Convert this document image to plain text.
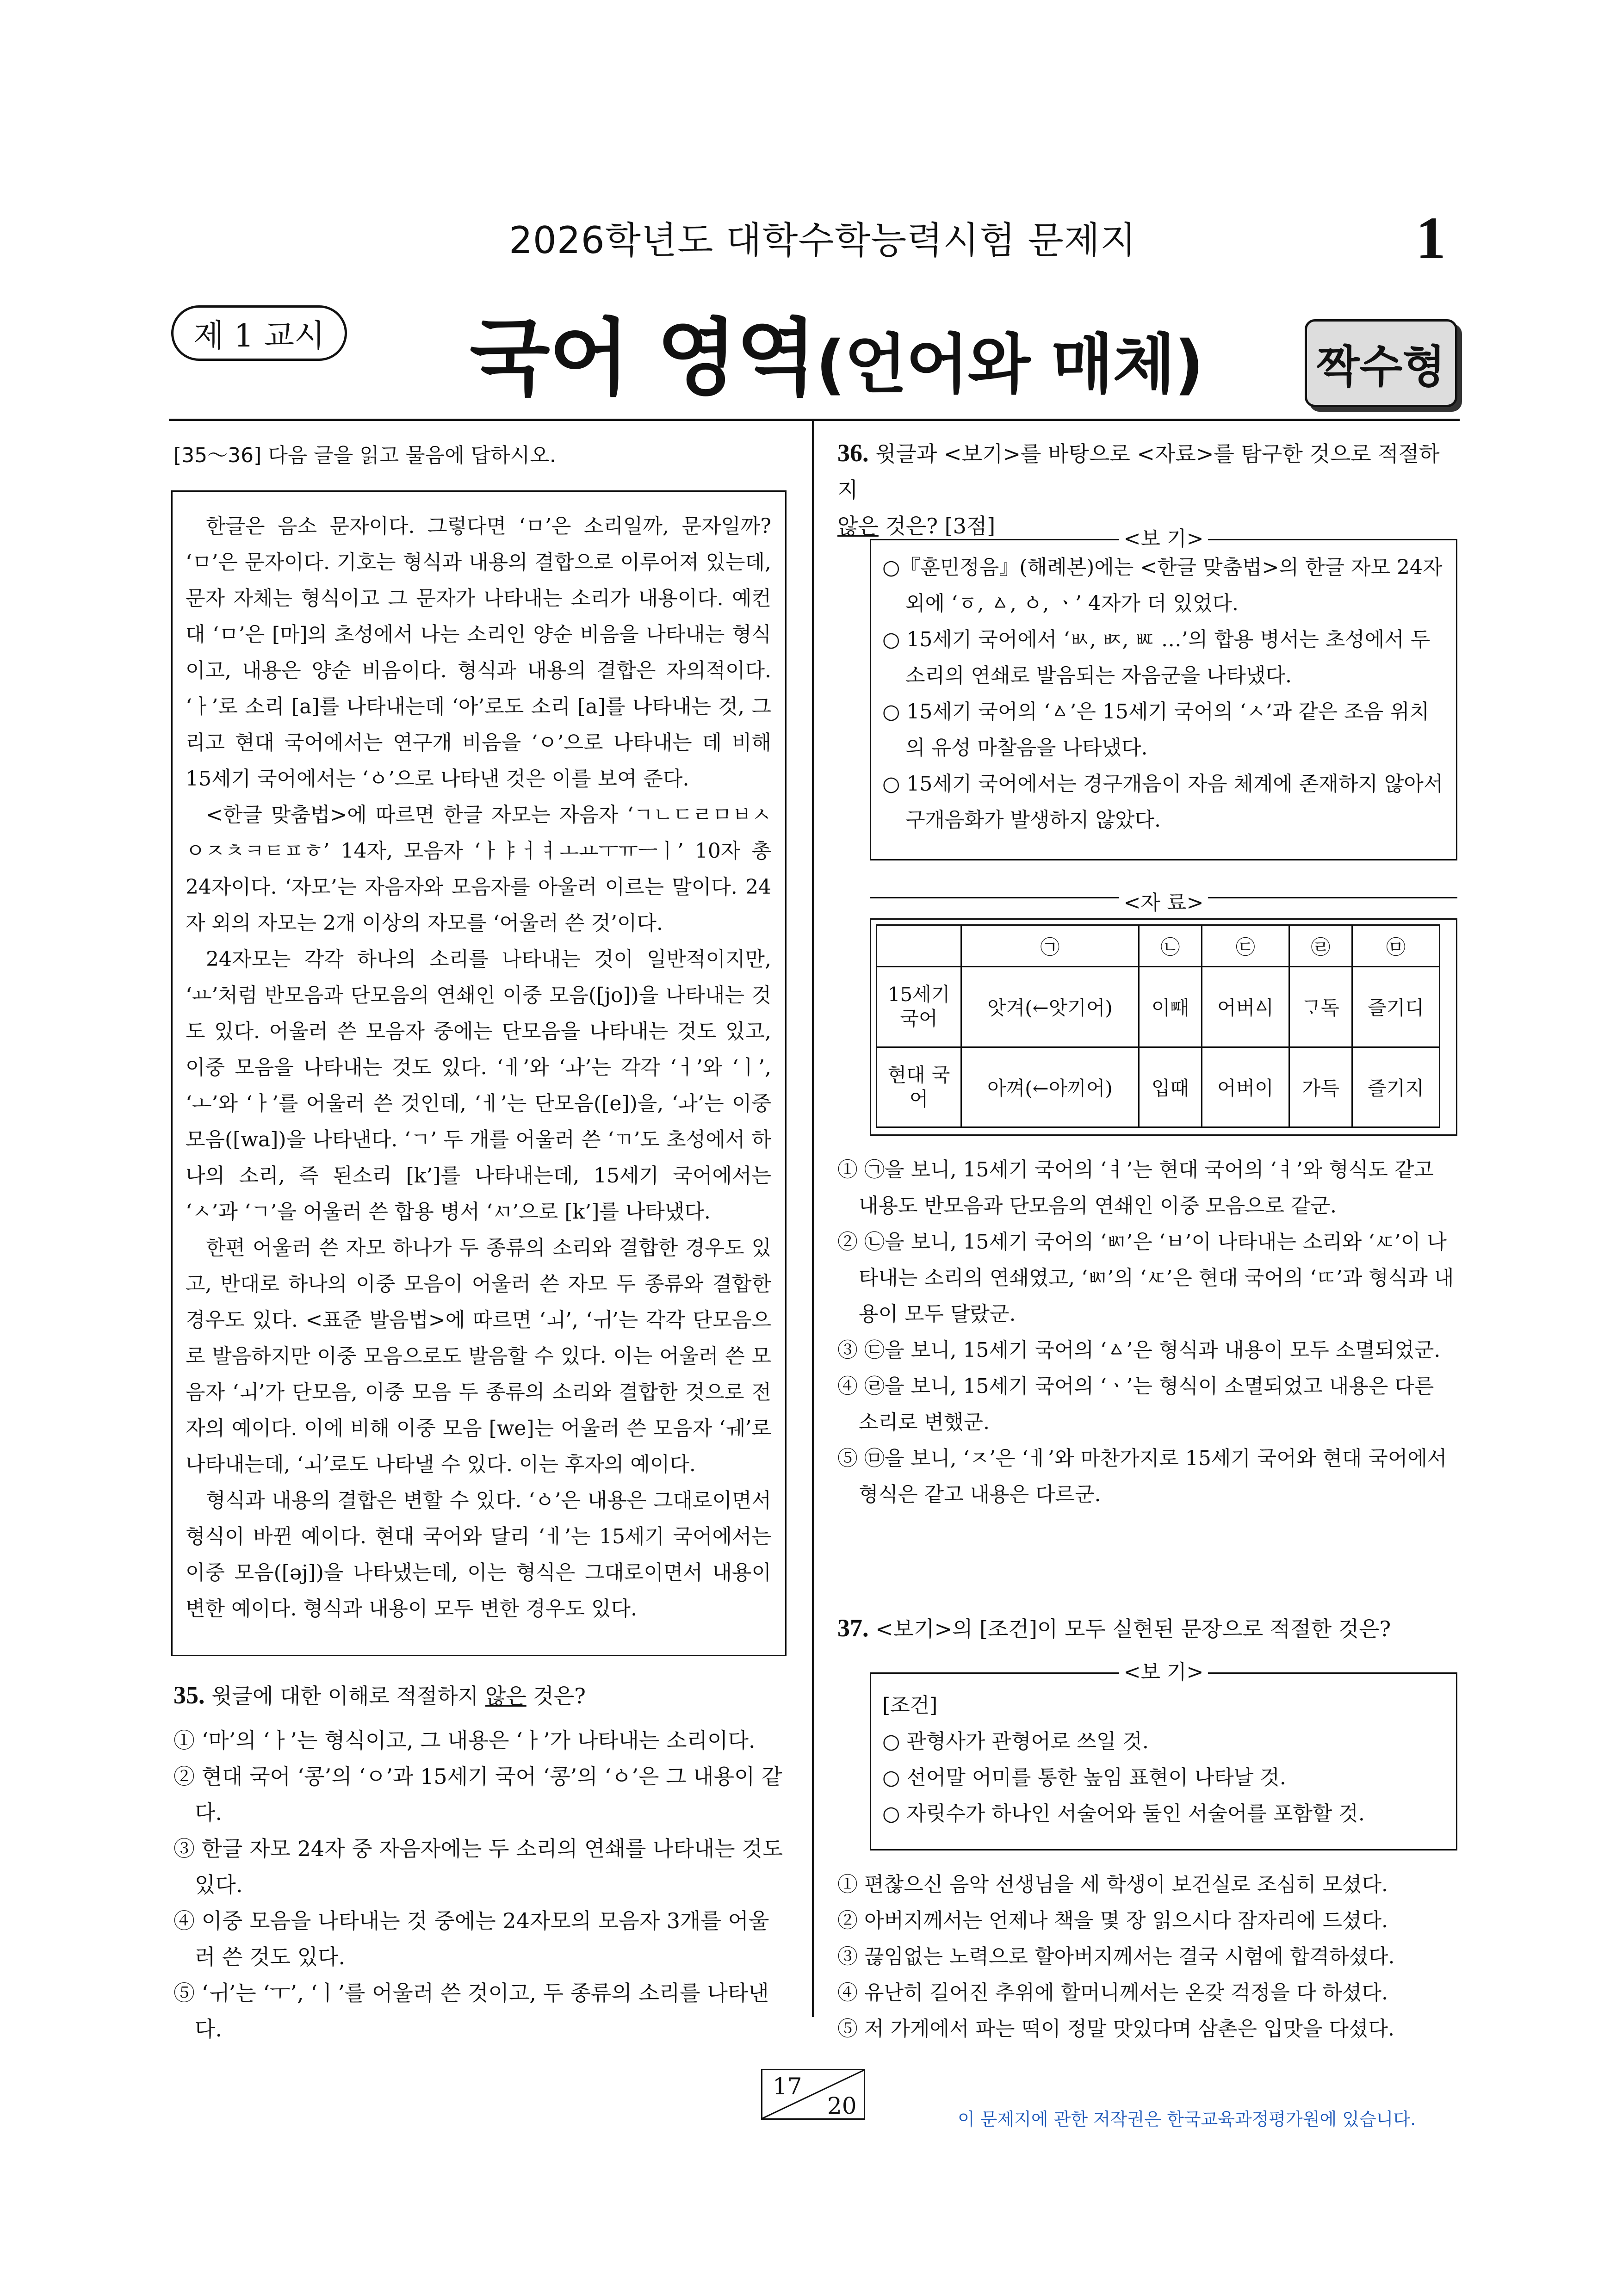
2026학년도 대학수학능력시험 문제지	1
제 1 교시 국어 영역(언어와 매체)	짝수형
[35～36] 다음 글을 읽고 물음에 답하시오.

한글은 음소 문자이다. 그렇다면 ‘ㅁ’은 소리일까, 문자일까? ‘ㅁ’은 문자이다. 기호는 형식과 내용의 결합으로 이루어져 있는데, 문자 자체는 형식이고 그 문자가 나타내는 소리가 내용이다. 예컨대 ‘ㅁ’은 [마]의 초성에서 나는 소리인 양순 비음을 나타내는 형식이고, 내용은 양순 비음이다. 형식과 내용의 결합은 자의적이다. ‘ㅏ’로 소리 [a]를 나타내는데 ‘아’로도 소리 [a]를 나타내는 것, 그리고 현대 국어에서는 연구개 비음을 ‘ㅇ’으로 나타내는 데 비해 15세기 국어에서는 ‘ㆁ’으로 나타낸 것은 이를 보여 준다.

<한글 맞춤법>에 따르면 한글 자모는 자음자 ‘ㄱㄴㄷㄹㅁㅂㅅㅇㅈㅊㅋㅌㅍㅎ’ 14자, 모음자 ‘ㅏㅑㅓㅕㅗㅛㅜㅠㅡㅣ’ 10자 총 24자이다. ‘자모’는 자음자와 모음자를 아울러 이르는 말이다. 24자 외의 자모는 2개 이상의 자모를 ‘어울러 쓴 것’이다.

24자모는 각각 하나의 소리를 나타내는 것이 일반적이지만, ‘ㅛ’처럼 반모음과 단모음의 연쇄인 이중 모음([jo])을 나타내는 것도 있다. 어울러 쓴 모음자 중에는 단모음을 나타내는 것도 있고, 이중 모음을 나타내는 것도 있다. ‘ㅔ’와 ‘ㅘ’는 각각 ‘ㅓ’와 ‘ㅣ’, ‘ㅗ’와 ‘ㅏ’를 어울러 쓴 것인데, ‘ㅔ’는 단모음([e])을, ‘ㅘ’는 이중 모음([wa])을 나타낸다. ‘ㄱ’ 두 개를 어울러 쓴 ‘ㄲ’도 초성에서 하나의 소리, 즉 된소리 [k’]를 나타내는데, 15세기 국어에서는 ‘ㅅ’과 ‘ㄱ’을 어울러 쓴 합용 병서 ‘ㅺ’으로 [k’]를 나타냈다.

한편 어울러 쓴 자모 하나가 두 종류의 소리와 결합한 경우도 있고, 반대로 하나의 이중 모음이 어울러 쓴 자모 두 종류와 결합한 경우도 있다. <표준 발음법>에 따르면 ‘ㅚ’, ‘ㅟ’는 각각 단모음으로 발음하지만 이중 모음으로도 발음할 수 있다. 이는 어울러 쓴 모음자 ‘ㅚ’가 단모음, 이중 모음 두 종류의 소리와 결합한 것으로 전자의 예이다. 이에 비해 이중 모음 [we]는 어울러 쓴 모음자 ‘ㅞ’로 나타내는데, ‘ㅚ’로도 나타낼 수 있다. 이는 후자의 예이다.

형식과 내용의 결합은 변할 수 있다. ‘ㆁ’은 내용은 그대로이면서 형식이 바뀐 예이다. 현대 국어와 달리 ‘ㅔ’는 15세기 국어에서는 이중 모음([əj])을 나타냈는데, 이는 형식은 그대로이면서 내용이 변한 예이다. 형식과 내용이 모두 변한 경우도 있다.

35. 윗글에 대한 이해로 적절하지 않은 것은?

① ‘마’의 ‘ㅏ’는 형식이고, 그 내용은 ‘ㅏ’가 나타내는 소리이다.

② 현대 국어 ‘콩’의 ‘ㅇ’과 15세기 국어 ‘콩’의 ‘ㆁ’은 그 내용이 같다.

③ 한글 자모 24자 중 자음자에는 두 소리의 연쇄를 나타내는 것도 있다.

④ 이중 모음을 나타내는 것 중에는 24자모의 모음자 3개를 어울러 쓴 것도 있다.

⑤ ‘ㅟ’는 ‘ㅜ’, ‘ㅣ’를 어울러 쓴 것이고, 두 종류의 소리를 나타낸다.

36. 윗글과 <보기>를 바탕으로 <자료>를 탐구한 것으로 적절하지
않은 것은? [3점]
<보 기>

○『훈민정음』(해례본)에는 <한글 맞춤법>의 한글 자모 24자 외에 ‘ㆆ, ㅿ, ㆁ, ㆍ’ 4자가 더 있었다.

○ 15세기 국어에서 ‘ㅄ, ㅶ, ㅵ …’의 합용 병서는 초성에서 두 소리의 연쇄로 발음되는 자음군을 나타냈다.

○ 15세기 국어의 ‘ㅿ’은 15세기 국어의 ‘ㅅ’과 같은 조음 위치의 유성 마찰음을 나타냈다.

○ 15세기 국어에서는 경구개음이 자음 체계에 존재하지 않아서 구개음화가 발생하지 않았다.

<자 료>
	㉠	㉡	㉢	㉣	㉤
15세기 국어	앗겨(←앗기어)	이ᄣᅢ	어버ᅀᅵ	ᄀᆞ독	즐기디
현대 국어	아껴(←아끼어)	입때	어버이	가득	즐기지

① ㉠을 보니, 15세기 국어의 ‘ㅕ’는 현대 국어의 ‘ㅕ’와 형식도 같고 내용도 반모음과 단모음의 연쇄인 이중 모음으로 같군.

② ㉡을 보니, 15세기 국어의 ‘ㅴ’은 ‘ㅂ’이 나타내는 소리와 ‘ㅼ’이 나타내는 소리의 연쇄였고, ‘ㅴ’의 ‘ㅼ’은 현대 국어의 ‘ㄸ’과 형식과 내용이 모두 달랐군.

③ ㉢을 보니, 15세기 국어의 ‘ㅿ’은 형식과 내용이 모두 소멸되었군.

④ ㉣을 보니, 15세기 국어의 ‘ㆍ’는 형식이 소멸되었고 내용은 다른 소리로 변했군.

⑤ ㉤을 보니, ‘ㅈ’은 ‘ㅔ’와 마찬가지로 15세기 국어와 현대 국어에서 형식은 같고 내용은 다르군.

37. <보기>의 [조건]이 모두 실현된 문장으로 적절한 것은?
<보 기>

[조건]

○ 관형사가 관형어로 쓰일 것.

○ 선어말 어미를 통한 높임 표현이 나타날 것.

○ 자릿수가 하나인 서술어와 둘인 서술어를 포함할 것.

① 편찮으신 음악 선생님을 세 학생이 보건실로 조심히 모셨다.

② 아버지께서는 언제나 책을 몇 장 읽으시다 잠자리에 드셨다.

③ 끊임없는 노력으로 할아버지께서는 결국 시험에 합격하셨다.

④ 유난히 길어진 추위에 할머니께서는 온갖 걱정을 다 하셨다.

⑤ 저 가게에서 파는 떡이 정말 맛있다며 삼촌은 입맛을 다셨다.

17
20	이 문제지에 관한 저작권은 한국교육과정평가원에 있습니다.
